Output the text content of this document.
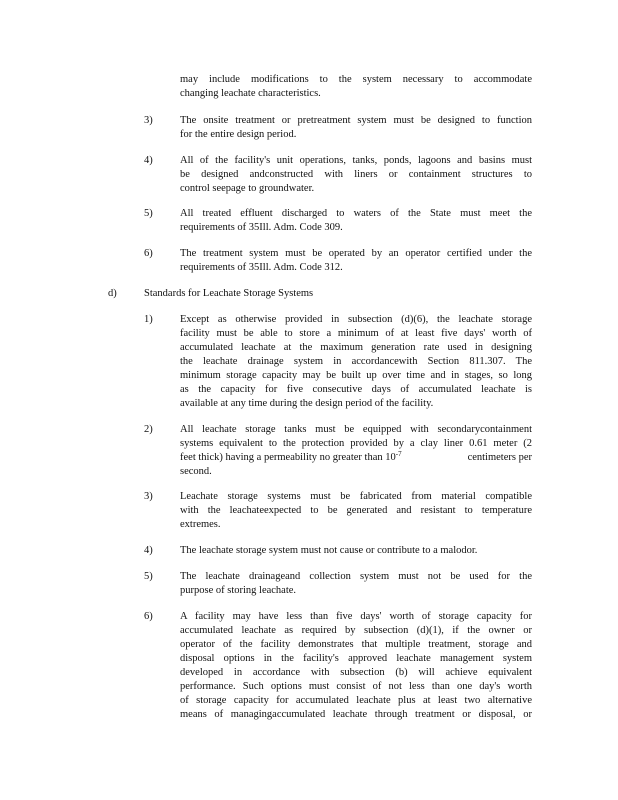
may include modifications to the system necessary to accommodate
changing leachate characteristics.
3)	The onsite treatment or pretreatment system must be designed to function
for the entire design period.
4)	All of the facility's unit operations, tanks, ponds, lagoons and basins must
be designed andconstructed with liners or containment structures to
control seepage to groundwater.
5)	All treated effluent discharged to waters of the State must meet the
requirements of 35Ill. Adm. Code 309.
6)	The treatment system must be operated by an operator certified under the
requirements of 35Ill. Adm. Code 312.
d)	Standards for Leachate Storage Systems
1)	Except as otherwise provided in subsection (d)(6), the leachate storage
facility must be able to store a minimum of at least five days' worth of
accumulated leachate at the maximum generation rate used in designing
the leachate drainage system in accordancewith Section 811.307. The
minimum storage capacity may be built up over time and in stages, so long
as the capacity for five consecutive days of accumulated leachate is
available at any time during the design period of the facility.
2)	All leachate storage tanks must be equipped with secondarycontainment
systems equivalent to the protection provided by a clay liner 0.61 meter (2
feet thick) having a permeability no greater than $10^{-7}$	centimeters per
second.
3)	Leachate storage systems must be fabricated from material compatible
with the leachateexpected to be generated and resistant to temperature
extremes.
4)	The leachate storage system must not cause or contribute to a malodor.
5)	The leachate drainageand collection system must not be used for the
purpose of storing leachate.
6)	A facility may have less than five days' worth of storage capacity for
accumulated leachate as required by subsection (d)(1), if the owner or
operator of the facility demonstrates that multiple treatment, storage and
disposal options in the facility's approved leachate management system
developed in accordance with subsection (b) will achieve equivalent
performance. Such options must consist of not less than one day's worth
of storage capacity for accumulated leachate plus at least two alternative
means of managingaccumulated leachate through treatment or disposal, or
